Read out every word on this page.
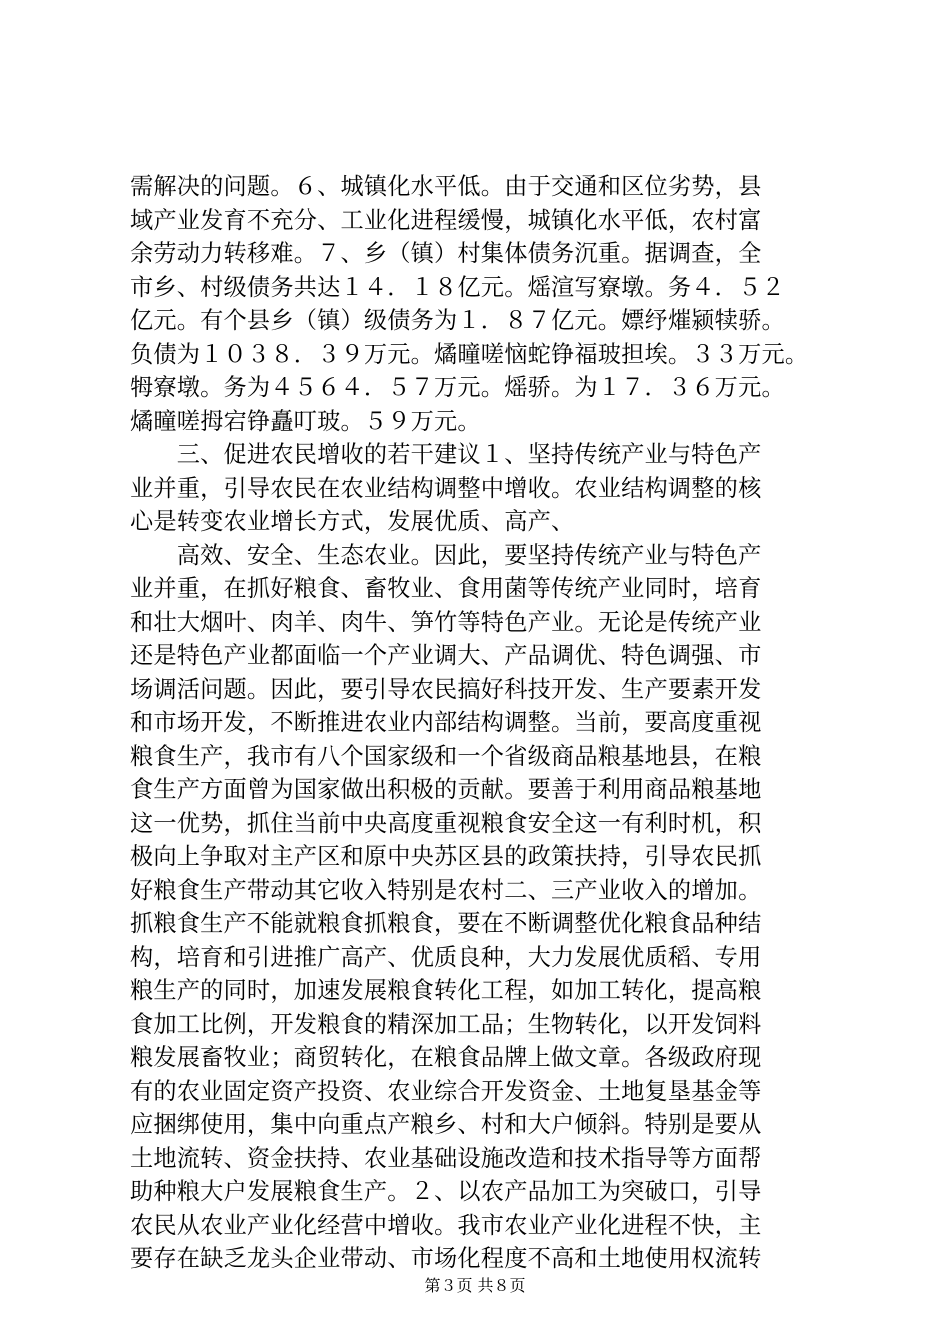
需解决的问题。６、城镇化水平低。由于交通和区位劣势，县
域产业发育不充分、工业化进程缓慢，城镇化水平低，农村富
余劳动力转移难。７、乡（镇）村集体债务沉重。据调查，全
市乡、村级债务共达１４．１８亿元。熎渲写寮墩。务４．５２
亿元。有个县乡（镇）级债务为１．８７亿元。嫖纾熣颍犊骄。
负债为１０３８．３９万元。燏曈嗟恼蛇铮福玻担埃。３３万元。
牳寮墩。务为４５６４．５７万元。熎骄。为１７．３６万元。
燏曈嗟拇宕铮矗叮玻。５９万元。
　　三、促进农民增收的若干建议１、坚持传统产业与特色产
业并重，引导农民在农业结构调整中增收。农业结构调整的核
心是转变农业增长方式，发展优质、高产、
　　高效、安全、生态农业。因此，要坚持传统产业与特色产
业并重，在抓好粮食、畜牧业、食用菌等传统产业同时，培育
和壮大烟叶、肉羊、肉牛、笋竹等特色产业。无论是传统产业
还是特色产业都面临一个产业调大、产品调优、特色调强、市
场调活问题。因此，要引导农民搞好科技开发、生产要素开发
和市场开发，不断推进农业内部结构调整。当前，要高度重视
粮食生产，我市有八个国家级和一个省级商品粮基地县，在粮
食生产方面曾为国家做出积极的贡献。要善于利用商品粮基地
这一优势，抓住当前中央高度重视粮食安全这一有利时机，积
极向上争取对主产区和原中央苏区县的政策扶持，引导农民抓
好粮食生产带动其它收入特别是农村二、三产业收入的增加。
抓粮食生产不能就粮食抓粮食，要在不断调整优化粮食品种结
构，培育和引进推广高产、优质良种，大力发展优质稻、专用
粮生产的同时，加速发展粮食转化工程，如加工转化，提高粮
食加工比例，开发粮食的精深加工品；生物转化，以开发饲料
粮发展畜牧业；商贸转化，在粮食品牌上做文章。各级政府现
有的农业固定资产投资、农业综合开发资金、土地复垦基金等
应捆绑使用，集中向重点产粮乡、村和大户倾斜。特别是要从
土地流转、资金扶持、农业基础设施改造和技术指导等方面帮
助种粮大户发展粮食生产。２、以农产品加工为突破口，引导
农民从农业产业化经营中增收。我市农业产业化进程不快，主
要存在缺乏龙头企业带动、市场化程度不高和土地使用权流转
第３页 共８页
